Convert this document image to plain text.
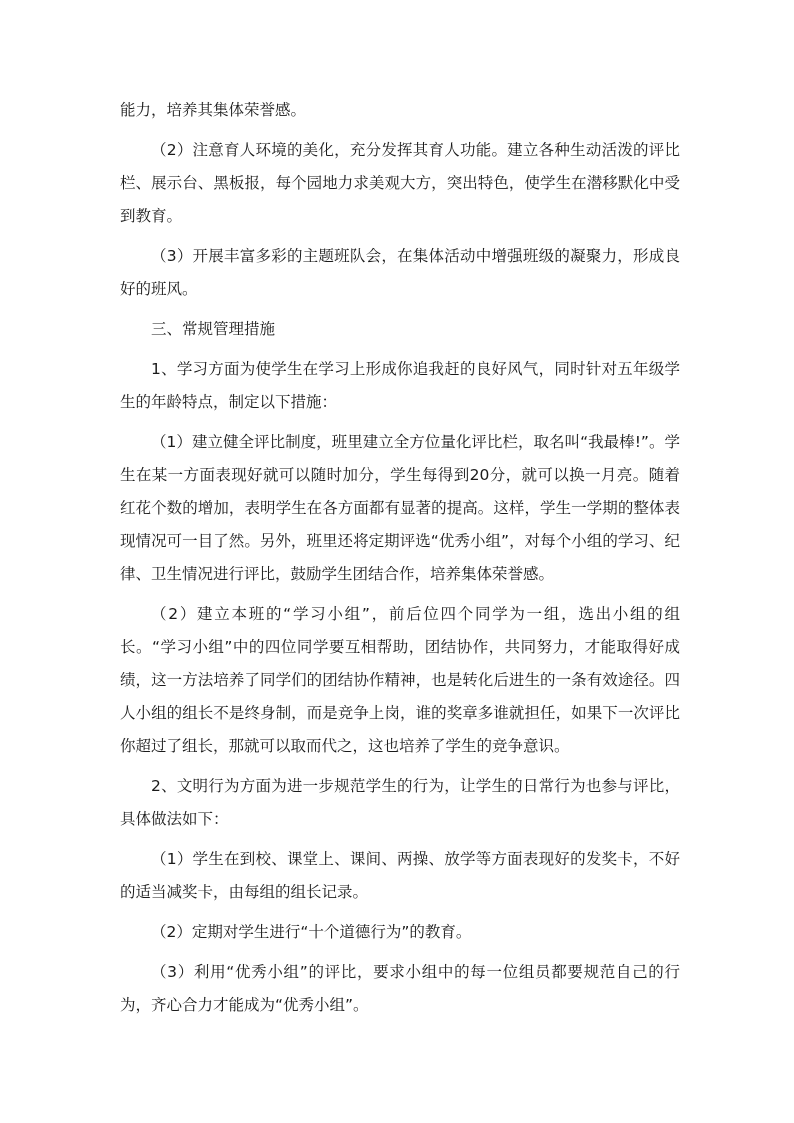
能力，培养其集体荣誉感。

（2）注意育人环境的美化，充分发挥其育人功能。建立各种生动活泼的评比栏、展示台、黑板报，每个园地力求美观大方，突出特色，使学生在潜移默化中受到教育。

（3）开展丰富多彩的主题班队会，在集体活动中增强班级的凝聚力，形成良好的班风。

三、常规管理措施

1、学习方面为使学生在学习上形成你追我赶的良好风气，同时针对五年级学生的年龄特点，制定以下措施：

（1）建立健全评比制度，班里建立全方位量化评比栏，取名叫“我最棒!”。学生在某一方面表现好就可以随时加分，学生每得到20分，就可以换一月亮。随着红花个数的增加，表明学生在各方面都有显著的提高。这样，学生一学期的整体表现情况可一目了然。另外，班里还将定期评选“优秀小组”，对每个小组的学习、纪律、卫生情况进行评比，鼓励学生团结合作，培养集体荣誉感。

（2）建立本班的“学习小组”，前后位四个同学为一组，选出小组的组长。“学习小组”中的四位同学要互相帮助，团结协作，共同努力，才能取得好成绩，这一方法培养了同学们的团结协作精神，也是转化后进生的一条有效途径。四人小组的组长不是终身制，而是竞争上岗，谁的奖章多谁就担任，如果下一次评比你超过了组长，那就可以取而代之，这也培养了学生的竞争意识。

2、文明行为方面为进一步规范学生的行为，让学生的日常行为也参与评比，具体做法如下：

（1）学生在到校、课堂上、课间、两操、放学等方面表现好的发奖卡，不好的适当减奖卡，由每组的组长记录。

（2）定期对学生进行“十个道德行为”的教育。

（3）利用“优秀小组”的评比，要求小组中的每一位组员都要规范自己的行为，齐心合力才能成为“优秀小组”。
